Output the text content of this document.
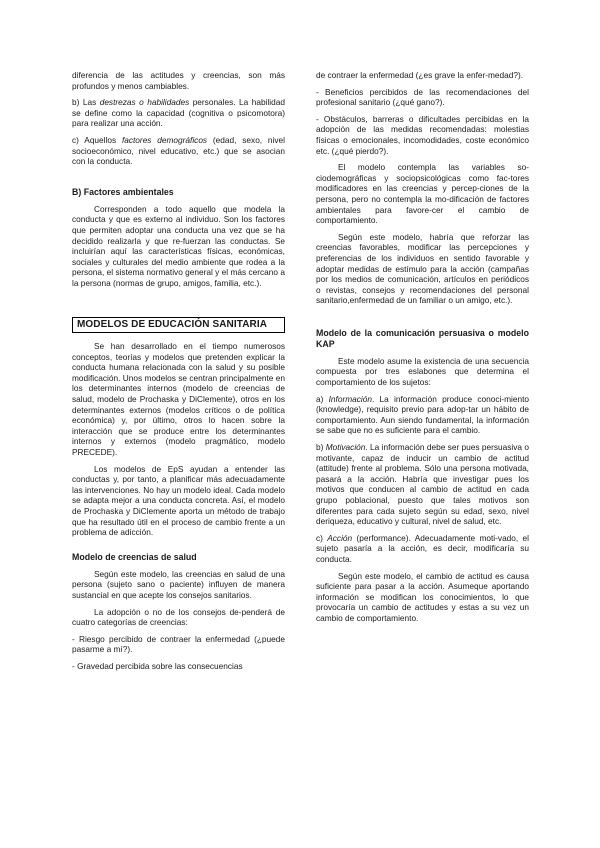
diferencia de las actitudes y creencias, son más profundos y menos cambiables.

b) Las destrezas o habilidades personales. La habilidad se define como la capacidad (cognitiva o psicomotora) para realizar una acción.

c) Aquellos factores demográficos (edad, sexo, nivel socioeconómico, nivel educativo, etc.) que se asocian con la conducta.

B) Factores ambientales

Corresponden a todo aquello que modela la conducta y que es externo al individuo. Son los factores que permiten adoptar una conducta una vez que se ha decidido realizarla y que re-fuerzan las conductas. Se incluirían aquí las características físicas, económicas, sociales y culturales del medio ambiente que rodea a la persona, el sistema normativo general y el más cercano a la persona (normas de grupo, amigos, familia, etc.).

MODELOS DE EDUCACIÓN SANITARIA

Se han desarrollado en el tiempo numerosos conceptos, teorías y modelos que pretenden explicar la conducta humana relacionada con la salud y su posible modificación. Unos modelos se centran principalmente en los determinantes internos (modelo de creencias de salud, modelo de Prochaska y DiClemente), otros en los determinantes externos (modelos críticos o de política económica) y, por último, otros lo hacen sobre la interacción que se produce entre los determinantes internos y externos (modelo pragmático, modelo PRECEDE).

Los modelos de EpS ayudan a entender las conductas y, por tanto, a planificar más adecuadamente las intervenciones. No hay un modelo ideal. Cada modelo se adapta mejor a una conducta concreta. Así, el modelo de Prochaska y DiClemente aporta un método de trabajo que ha resultado útil en el proceso de cambio frente a un problema de adicción.

Modelo de creencias de salud

Según este modelo, las creencias en salud de una persona (sujeto sano o paciente) influyen de manera sustancial en que acepte los consejos sanitarios.

La adopción o no de los consejos de-penderá de cuatro categorías de creencias:

- Riesgo percibido de contraer la enfermedad (¿puede pasarme a mí?).

- Gravedad percibida sobre las consecuencias

de contraer la enfermedad (¿es grave la enfer-medad?).

- Beneficios percibidos de las recomendaciones del profesional sanitario (¿qué gano?).

- Obstáculos, barreras o dificultades percibidas en la adopción de las medidas recomendadas: molestias físicas o emocionales, incomodidades, coste económico etc. (¿qué pierdo?).

El modelo contempla las variables so-ciodemográficas y sociopsicológicas como fac-tores modificadores en las creencias y percep-ciones de la persona, pero no contempla la mo-dificación de factores ambientales para favore-cer el cambio de comportamiento.

Según este modelo, habría que reforzar las creencias favorables, modificar las percepciones y preferencias de los individuos en sentido favorable y adoptar medidas de estímulo para la acción (campañas por los medios de comunicación, artículos en periódicos o revistas, consejos y recomendaciones del personal sanitario,enfermedad de un familiar o un amigo, etc.).

Modelo de la comunicación persuasiva o modelo KAP

Este modelo asume la existencia de una secuencia compuesta por tres eslabones que determina el comportamiento de los sujetos:

a) Información. La información produce conoci-miento (knowledge), requisito previo para adop-tar un hábito de comportamiento. Aun siendo fundamental, la información se sabe que no es suficiente para el cambio.

b) Motivación. La información debe ser pues persuasiva o motivante, capaz de inducir un cambio de actitud (attitude) frente al problema. Sólo una persona motivada, pasará a la acción. Habría que investigar pues los motivos que conducen al cambio de actitud en cada grupo poblacional, puesto que tales motivos son diferentes para cada sujeto según su edad, sexo, nivel deriqueza, educativo y cultural, nivel de salud, etc.

c) Acción (performance). Adecuadamente moti-vado, el sujeto pasaría a la acción, es decir, modificaría su conducta.

Según este modelo, el cambio de actitud es causa suficiente para pasar a la acción. Asumeque aportando información se modifican los conocimientos, lo que provocaría un cambio de actitudes y estas a su vez un cambio de comportamiento.
